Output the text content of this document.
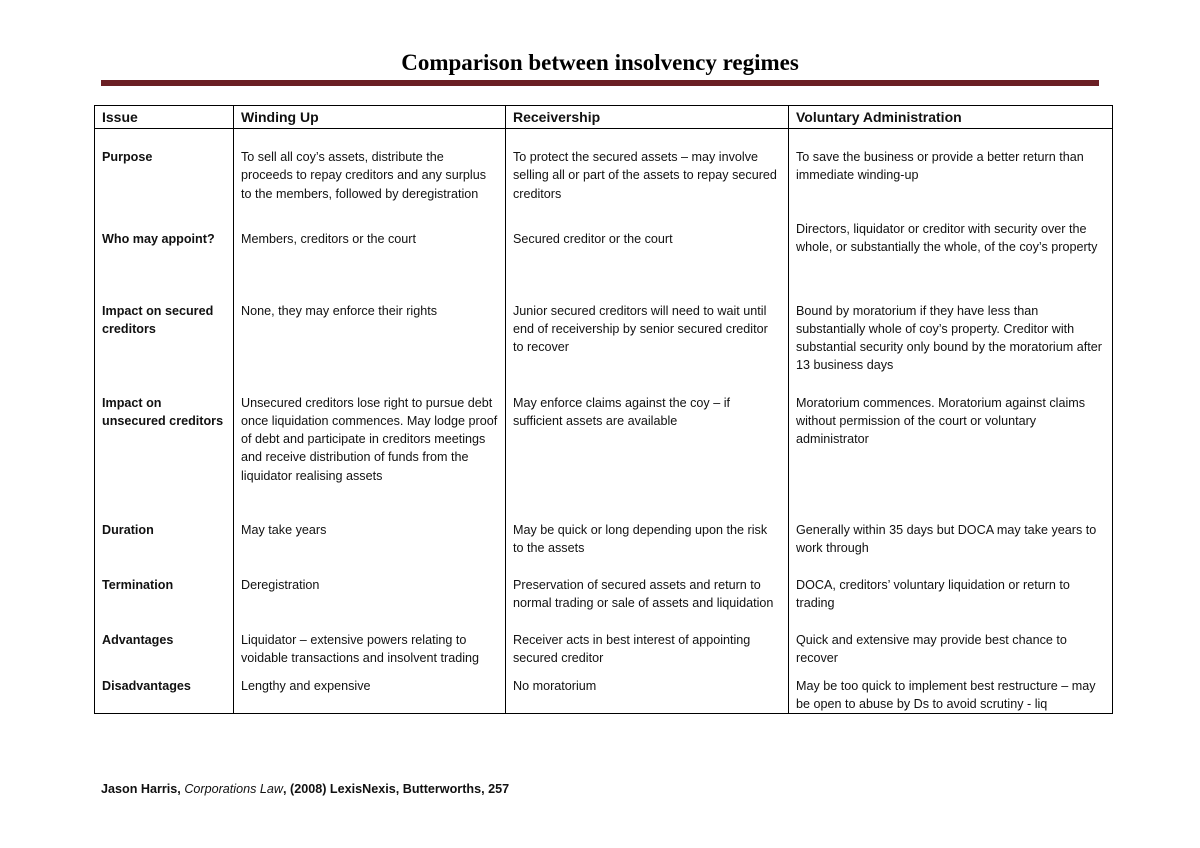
Comparison between insolvency regimes
Issue	Winding Up	Receivership	Voluntary Administration
Purpose	To sell all coy’s assets, distribute the proceeds to repay creditors and any surplus to the members, followed by deregistration	To protect the secured assets – may involve selling all or part of the assets to repay secured creditors	To save the business or provide a better return than immediate winding-up
Who may appoint?	Members, creditors or the court	Secured creditor or the court	Directors, liquidator or creditor with security over the whole, or substantially the whole, of the coy’s property
Impact on secured creditors	None, they may enforce their rights	Junior secured creditors will need to wait until end of receivership by senior secured creditor to recover	Bound by moratorium if they have less than substantially whole of coy’s property. Creditor with substantial security only bound by the moratorium after 13 business days
Impact on unsecured creditors	Unsecured creditors lose right to pursue debt once liquidation commences. May lodge proof of debt and participate in creditors meetings and receive distribution of funds from the liquidator realising assets	May enforce claims against the coy – if sufficient assets are available	Moratorium commences. Moratorium against claims without permission of the court or voluntary administrator
Duration	May take years	May be quick or long depending upon the risk to the assets	Generally within 35 days but DOCA may take years to work through
Termination	Deregistration	Preservation of secured assets and return to normal trading or sale of assets and liquidation	DOCA, creditors’ voluntary liquidation or return to trading
Advantages	Liquidator – extensive powers relating to voidable transactions and insolvent trading	Receiver acts in best interest of appointing secured creditor	Quick and extensive may provide best chance to recover
Disadvantages	Lengthy and expensive	No moratorium	May be too quick to implement best restructure – may be open to abuse by Ds to avoid scrutiny - liq
Jason Harris, Corporations Law, (2008) LexisNexis, Butterworths, 257
